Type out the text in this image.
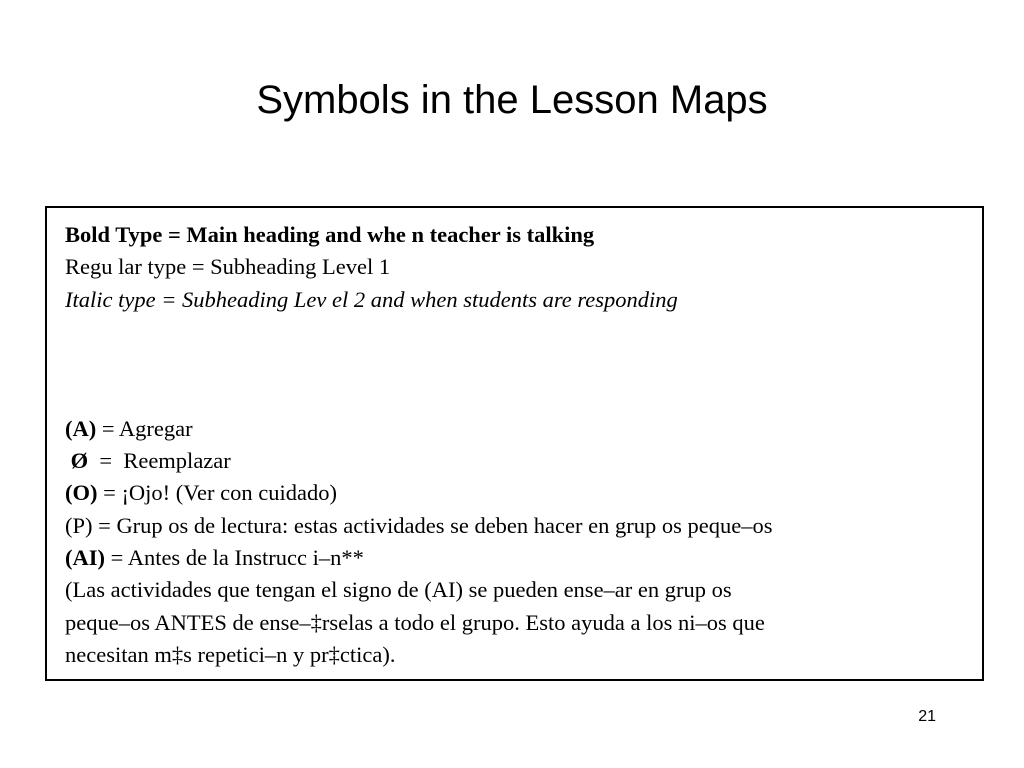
Symbols in the Lesson Maps
Bold Type = Main heading and whe n teacher is talking
Regu lar type = Subheading Level 1
Italic type = Subheading Lev el 2 and when students are responding
(A) = Agregar
Ø  =  Reemplazar
(O) = ¡Ojo! (Ver con cuidado)
(P) = Grup os de lectura: estas actividades se deben hacer en grup os peque–os
(AI) = Antes de la Instrucc i–n**
(Las actividades que tengan el signo de (AI) se pueden ense–ar en grup os
peque–os ANTES de ense–‡rselas a todo el grupo. Esto ayuda a los ni–os que
necesitan m‡s repetici–n y pr‡ctica).
21
